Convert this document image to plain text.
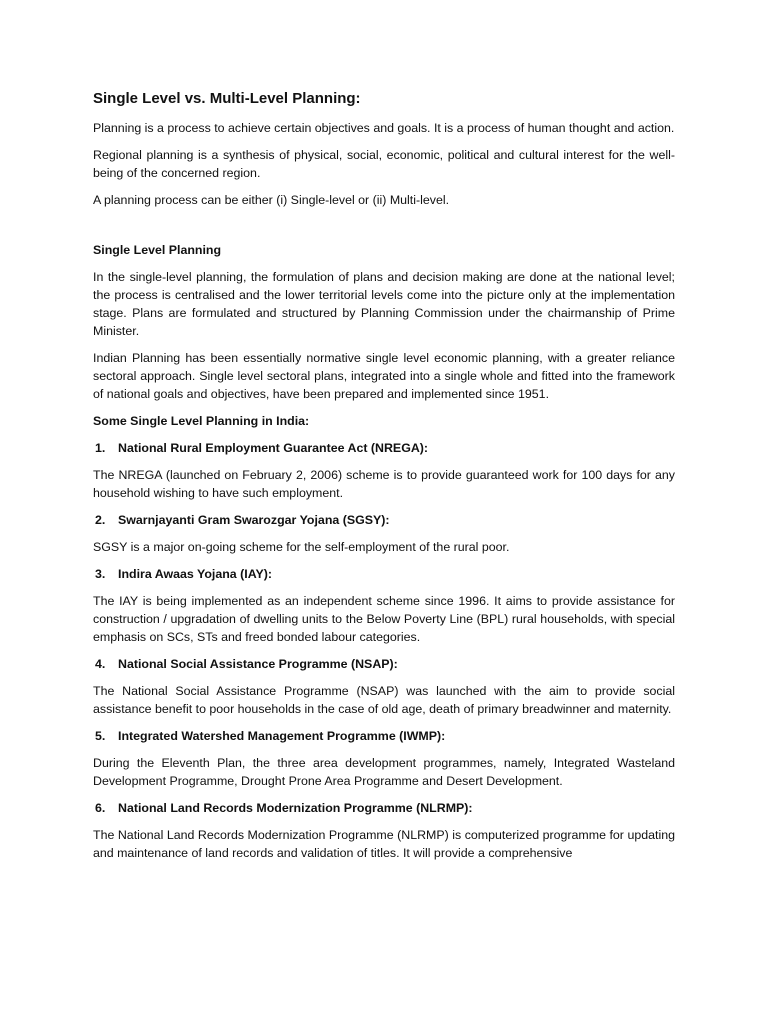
Single Level vs. Multi-Level Planning:

Planning is a process to achieve certain objectives and goals. It is a process of human thought and action.

Regional planning is a synthesis of physical, social, economic, political and cultural interest for the well-being of the concerned region.

A planning process can be either (i) Single-level or (ii) Multi-level.

Single Level Planning

In the single-level planning, the formulation of plans and decision making are done at the national level; the process is centralised and the lower territorial levels come into the picture only at the implementation stage. Plans are formulated and structured by Planning Commission under the chairmanship of Prime Minister.

Indian Planning has been essentially normative single level economic planning, with a greater reliance sectoral approach. Single level sectoral plans, integrated into a single whole and fitted into the framework of national goals and objectives, have been prepared and implemented since 1951.

Some Single Level Planning in India:
1.	National Rural Employment Guarantee Act (NREGA):

The NREGA (launched on February 2, 2006) scheme is to provide guaranteed work for 100 days for any household wishing to have such employment.

2.	Swarnjayanti Gram Swarozgar Yojana (SGSY):

SGSY is a major on-going scheme for the self-employment of the rural poor.

3.	Indira Awaas Yojana (IAY):

The IAY is being implemented as an independent scheme since 1996. It aims to provide assistance for construction / upgradation of dwelling units to the Below Poverty Line (BPL) rural households, with special emphasis on SCs, STs and freed bonded labour categories.

4.	National Social Assistance Programme (NSAP):

The National Social Assistance Programme (NSAP) was launched with the aim to provide social assistance benefit to poor households in the case of old age, death of primary breadwinner and maternity.

5.	Integrated Watershed Management Programme (IWMP):

During the Eleventh Plan, the three area development programmes, namely, Integrated Wasteland Development Programme, Drought Prone Area Programme and Desert Development.

6.	National Land Records Modernization Programme (NLRMP):

The National Land Records Modernization Programme (NLRMP) is computerized programme for updating and maintenance of land records and validation of titles. It will provide a comprehensive
